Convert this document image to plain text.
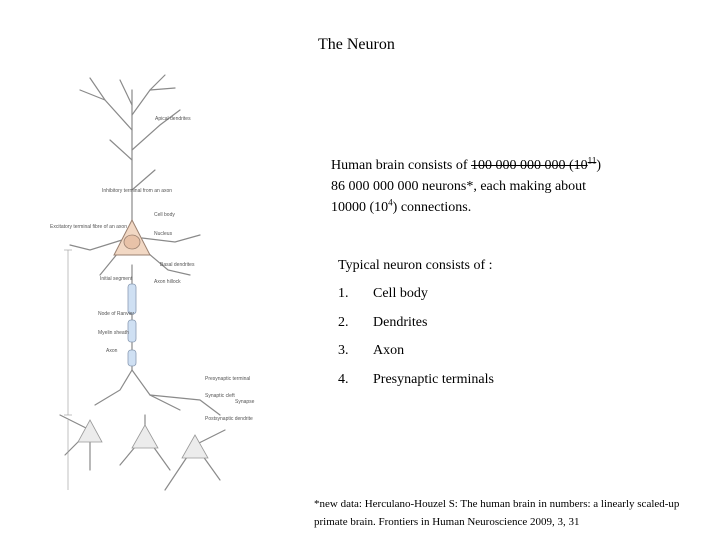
The Neuron
Apical dendrites
Inhibitory terminal from an axon
Excitatory terminal fibre of an axon
Cell body
Nucleus
Basal dendrites
Axon hillock
Initial segment
Node of Ranvier
Myelin sheath
Axon
Presynaptic terminal
Synaptic cleft
Synapse
Postsynaptic dendrite
Human brain consists of 100 000 000 000 $(10^{11})$
86 000 000 000 neurons*, each making about
10000 $(10^4)$ connections.
Typical neuron consists of :
1.	Cell body
2.	Dendrites
3.	Axon
4.	Presynaptic terminals
*new data: Herculano-Houzel S: The human brain in numbers: a linearly scaled-up primate brain. Frontiers in Human Neuroscience 2009, 3, 31
